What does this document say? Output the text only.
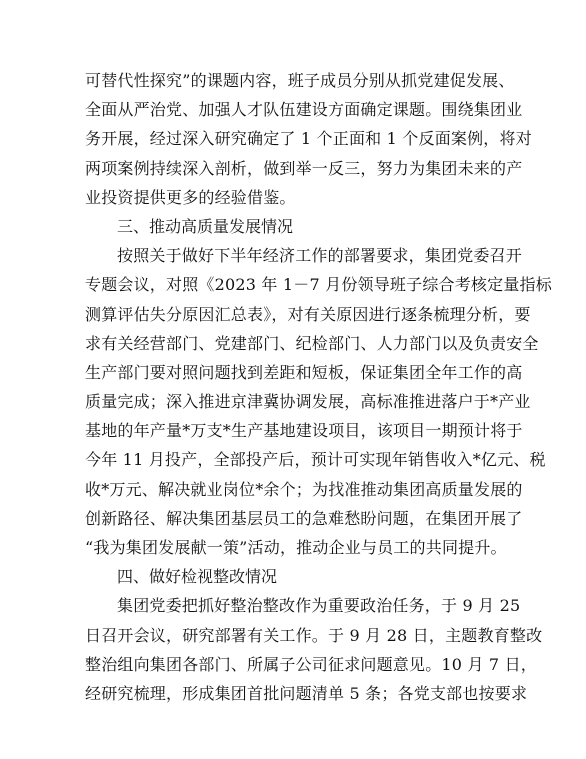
可替代性探究”的课题内容，班子成员分别从抓党建促发展、
全面从严治党、加强人才队伍建设方面确定课题。围绕集团业
务开展，经过深入研究确定了 1 个正面和 1 个反面案例，将对
两项案例持续深入剖析，做到举一反三，努力为集团未来的产
业投资提供更多的经验借鉴。
三、推动高质量发展情况
按照关于做好下半年经济工作的部署要求，集团党委召开
专题会议，对照《2023 年 1－7 月份领导班子综合考核定量指标
测算评估失分原因汇总表》，对有关原因进行逐条梳理分析，要
求有关经营部门、党建部门、纪检部门、人力部门以及负责安全
生产部门要对照问题找到差距和短板，保证集团全年工作的高
质量完成；深入推进京津冀协调发展，高标准推进落户于*产业
基地的年产量*万支*生产基地建设项目，该项目一期预计将于
今年 11 月投产，全部投产后，预计可实现年销售收入*亿元、税
收*万元、解决就业岗位*余个；为找准推动集团高质量发展的
创新路径、解决集团基层员工的急难愁盼问题，在集团开展了
“我为集团发展献一策”活动，推动企业与员工的共同提升。
四、做好检视整改情况
集团党委把抓好整治整改作为重要政治任务，于 9 月 25
日召开会议，研究部署有关工作。于 9 月 28 日，主题教育整改
整治组向集团各部门、所属子公司征求问题意见。10 月 7 日，
经研究梳理，形成集团首批问题清单 5 条；各党支部也按要求
